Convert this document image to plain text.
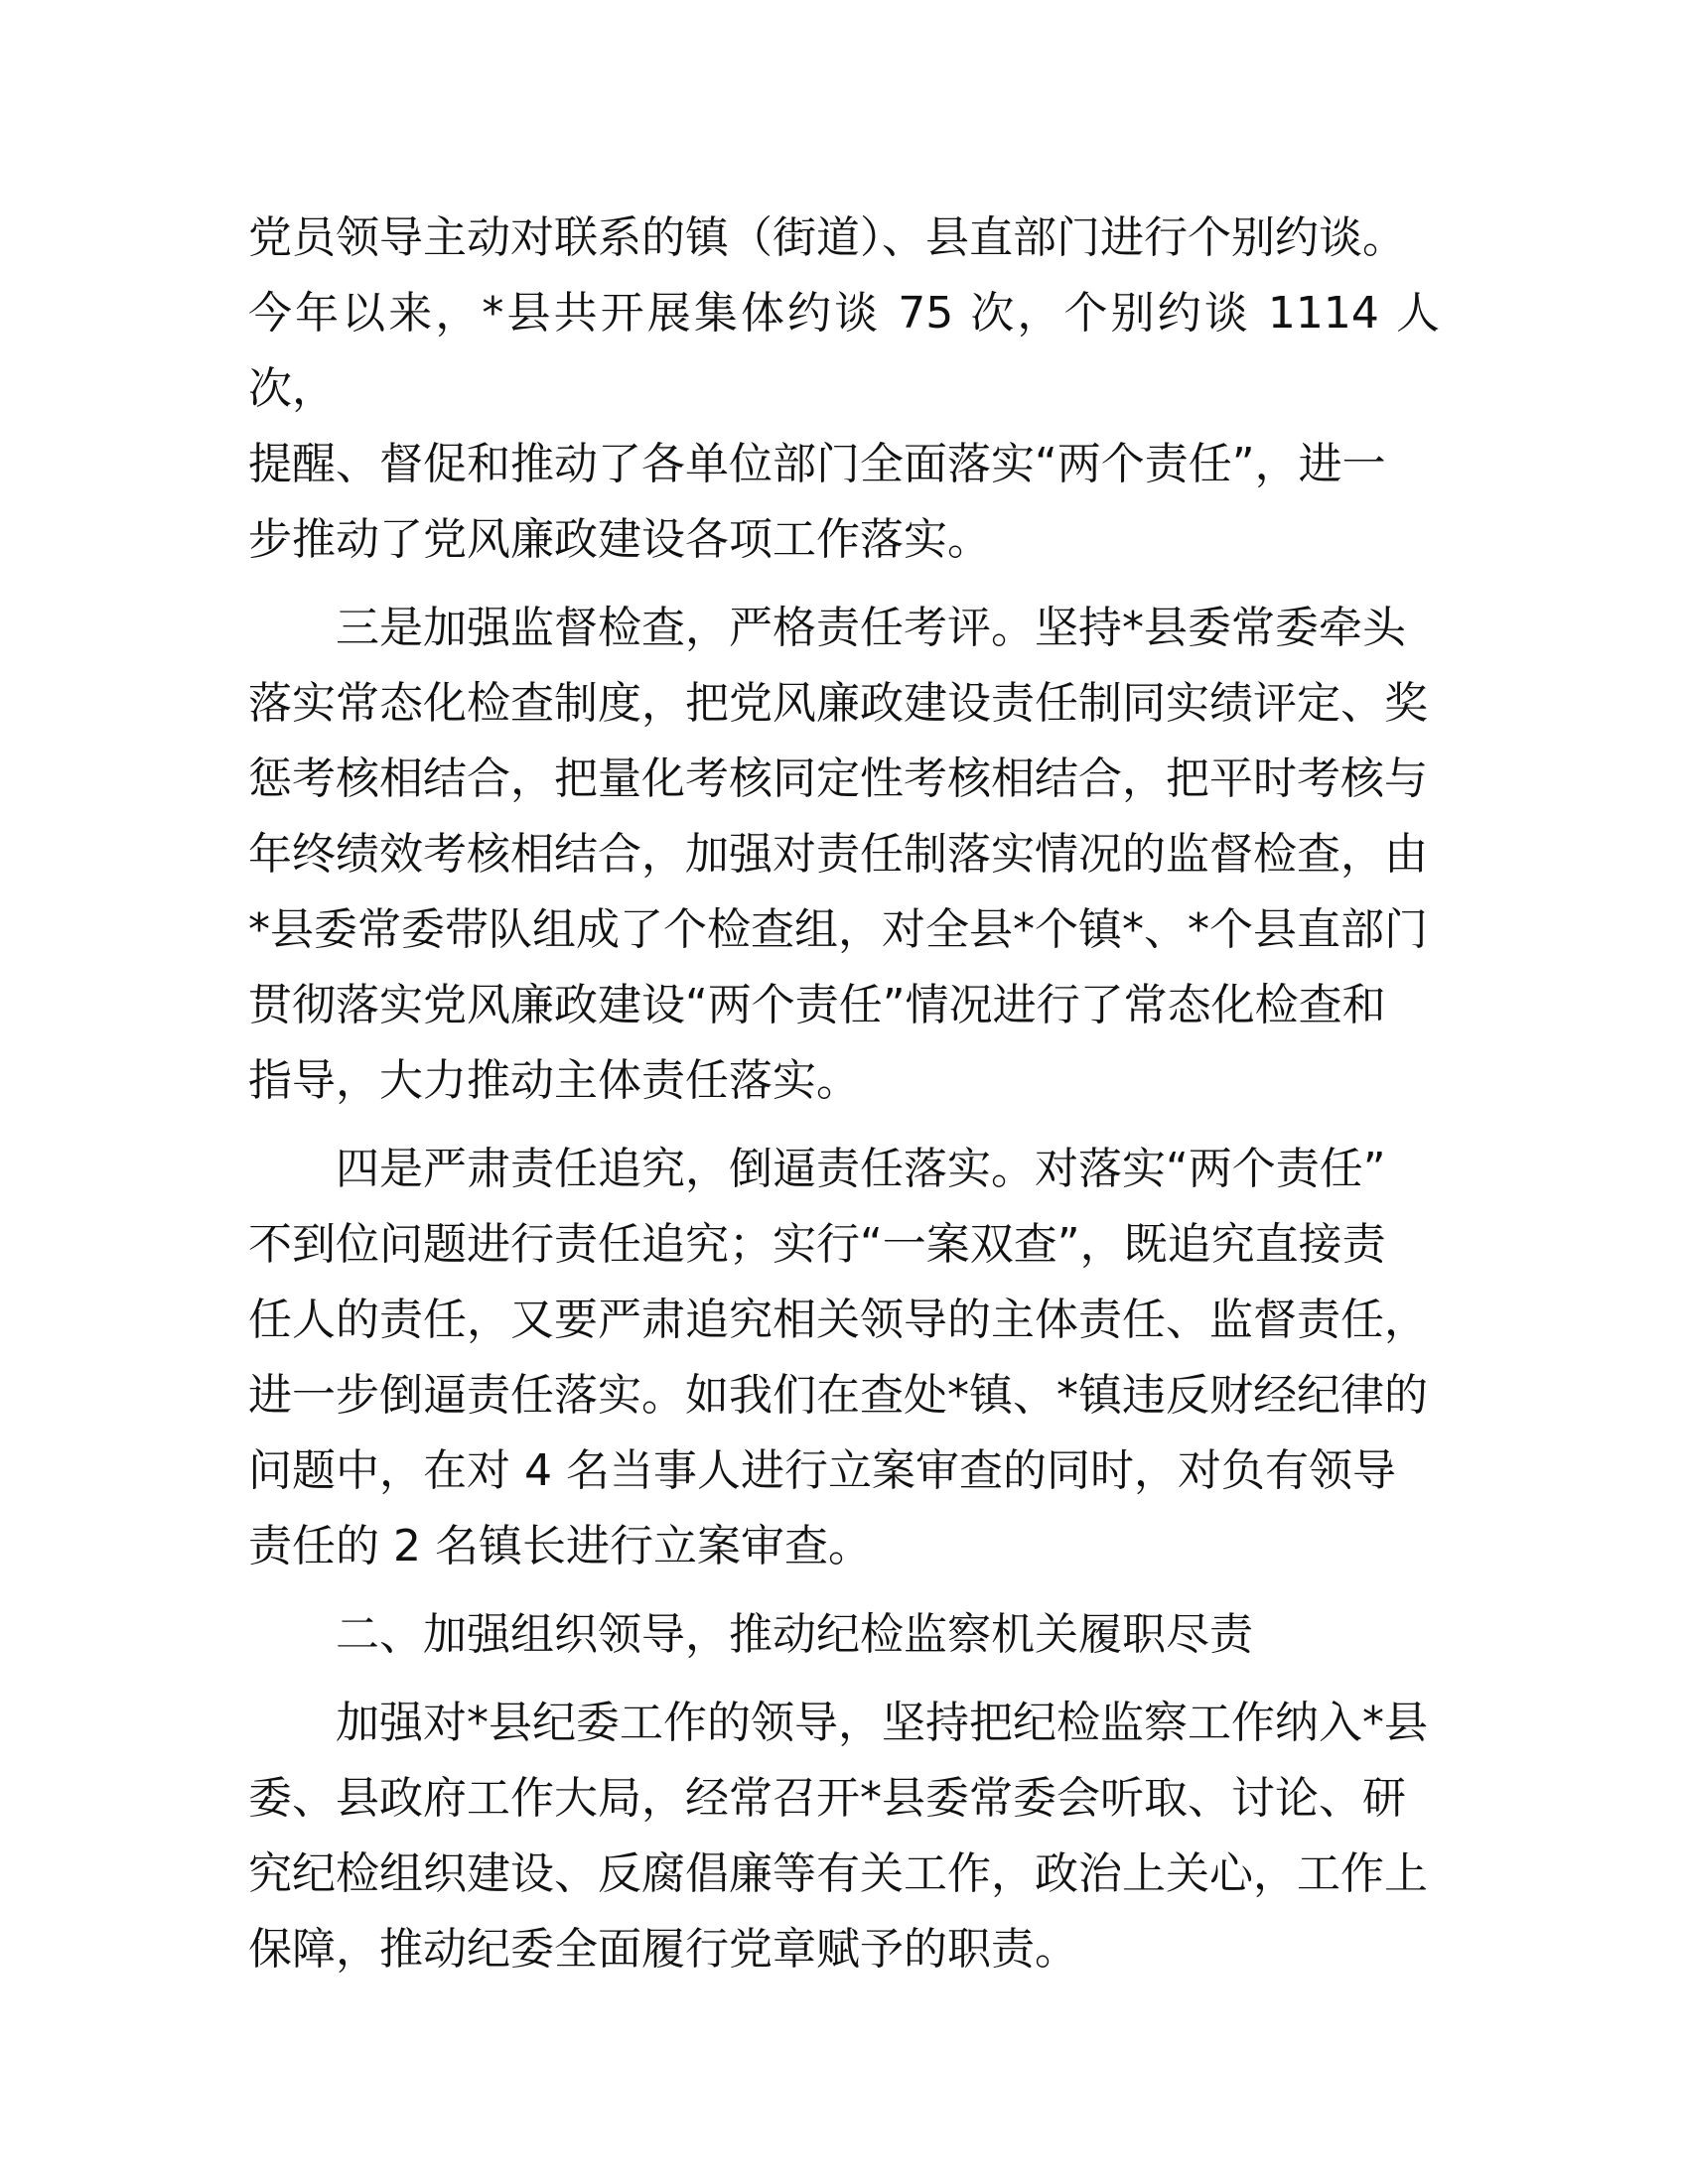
党员领导主动对联系的镇（街道）、县直部门进行个别约谈。
今年以来，*县共开展集体约谈 75 次，个别约谈 1114 人次，
提醒、督促和推动了各单位部门全面落实“两个责任”，进一
步推动了党风廉政建设各项工作落实。

三是加强监督检查，严格责任考评。坚持*县委常委牵头
落实常态化检查制度，把党风廉政建设责任制同实绩评定、奖
惩考核相结合，把量化考核同定性考核相结合，把平时考核与
年终绩效考核相结合，加强对责任制落实情况的监督检查，由
*县委常委带队组成了个检查组，对全县*个镇*、*个县直部门
贯彻落实党风廉政建设“两个责任”情况进行了常态化检查和
指导，大力推动主体责任落实。

四是严肃责任追究，倒逼责任落实。对落实“两个责任”
不到位问题进行责任追究；实行“一案双查”，既追究直接责
任人的责任，又要严肃追究相关领导的主体责任、监督责任，
进一步倒逼责任落实。如我们在查处*镇、*镇违反财经纪律的
问题中，在对 4 名当事人进行立案审查的同时，对负有领导
责任的 2 名镇长进行立案审查。

二、加强组织领导，推动纪检监察机关履职尽责

加强对*县纪委工作的领导，坚持把纪检监察工作纳入*县
委、县政府工作大局，经常召开*县委常委会听取、讨论、研
究纪检组织建设、反腐倡廉等有关工作，政治上关心，工作上
保障，推动纪委全面履行党章赋予的职责。
